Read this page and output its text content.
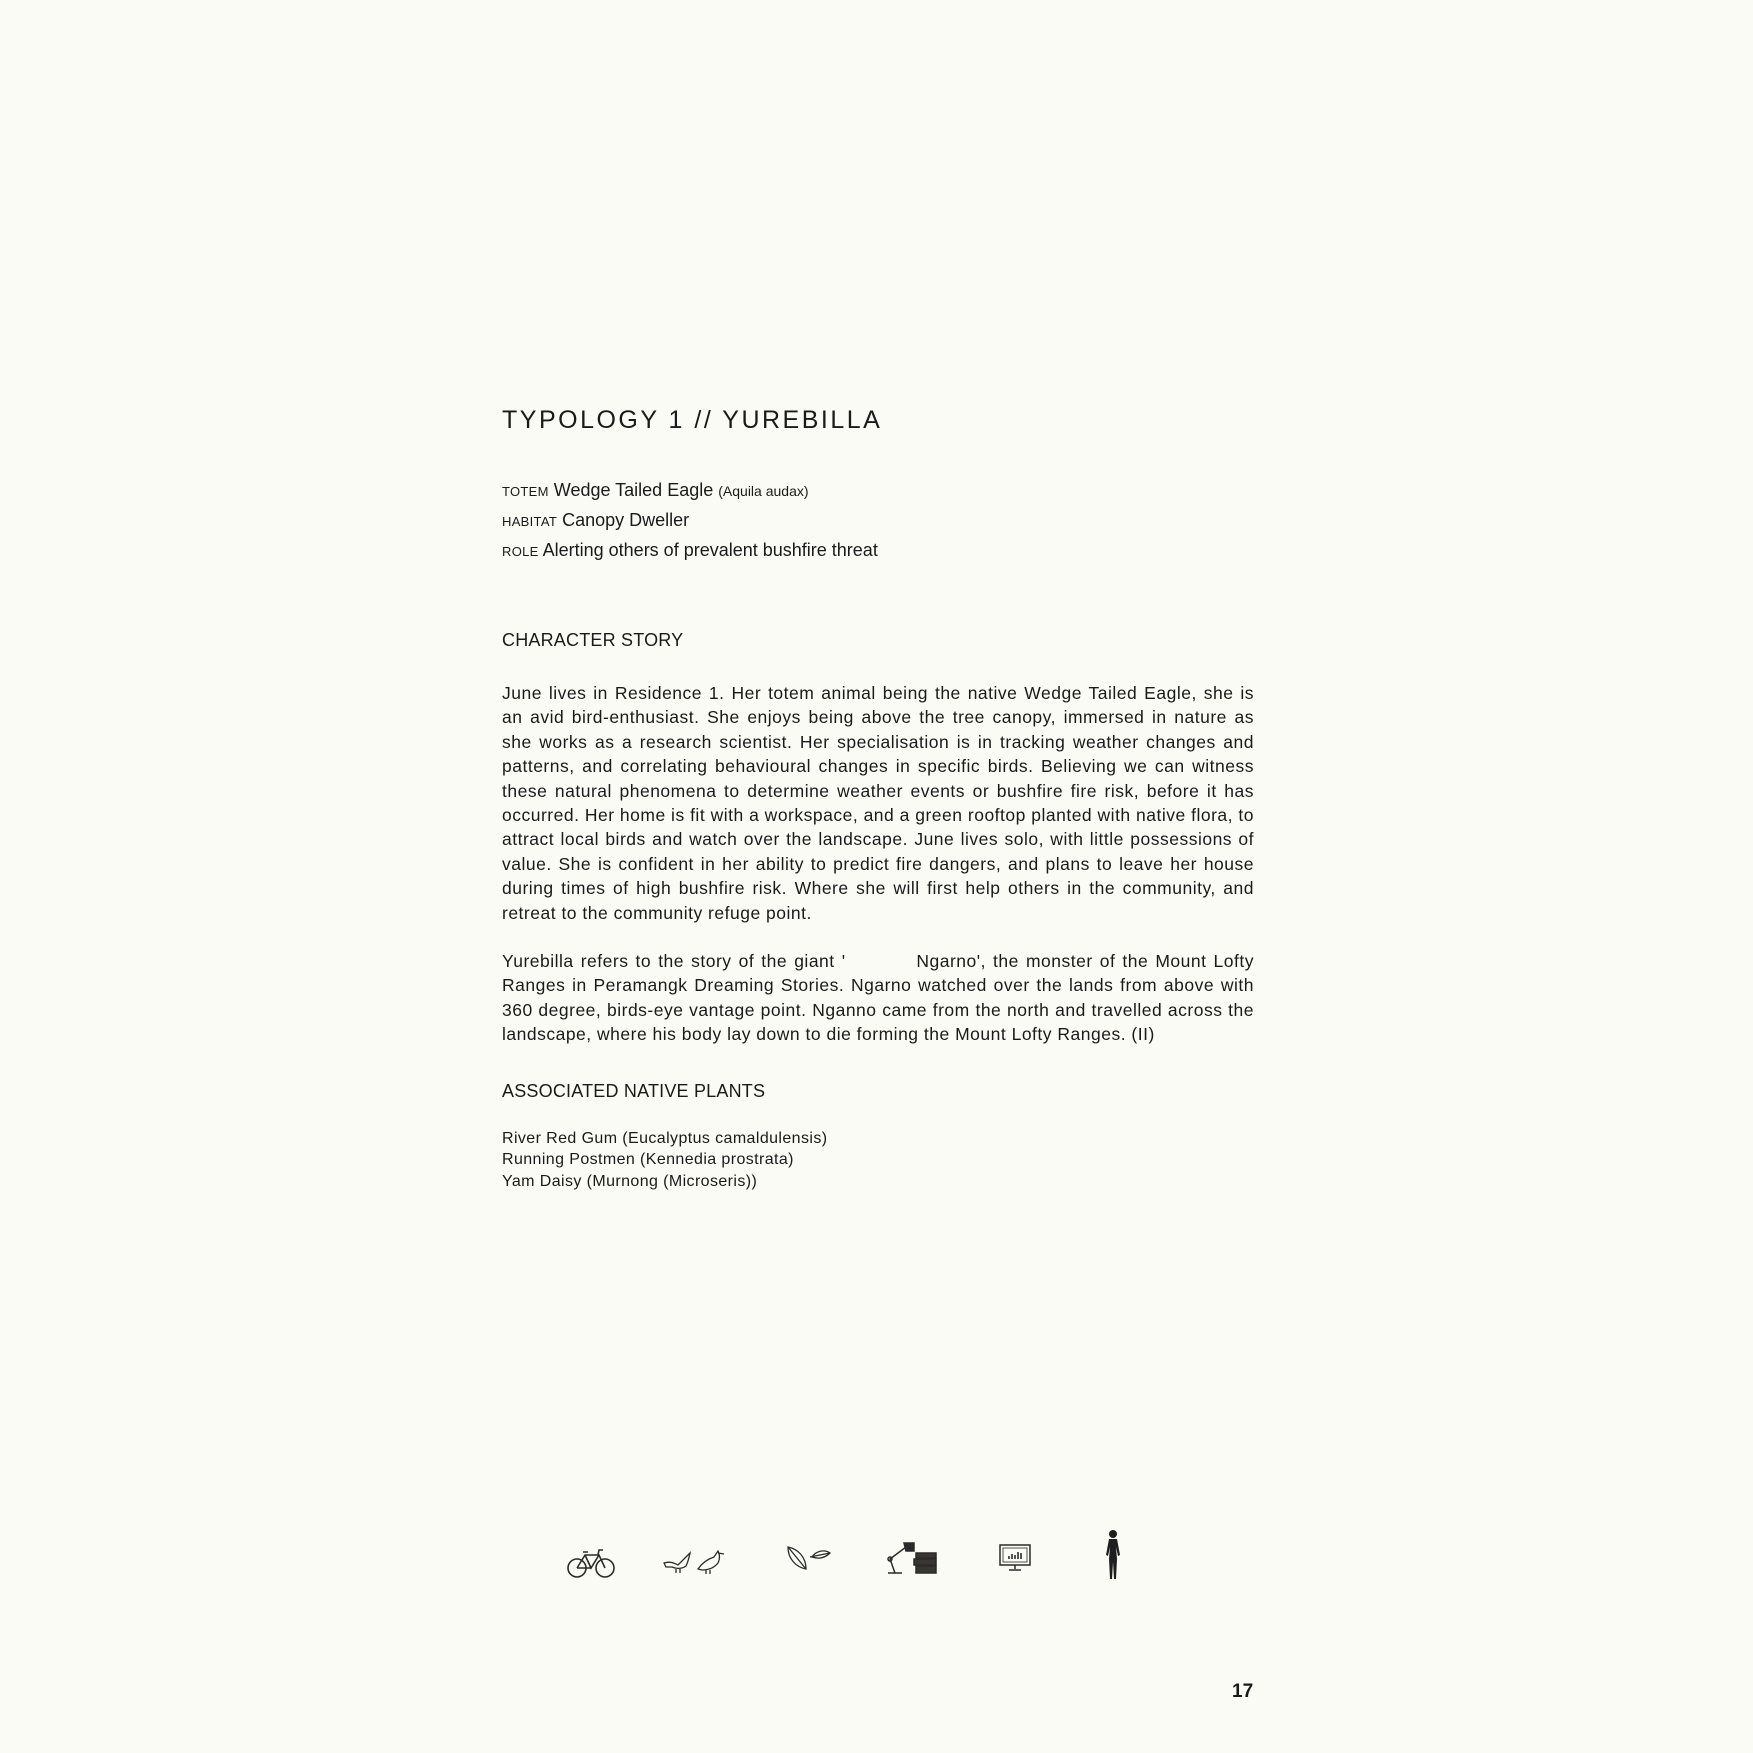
TYPOLOGY 1 // YUREBILLA
TOTEM Wedge Tailed Eagle (Aquila audax)
HABITAT Canopy Dweller
ROLE Alerting others of prevalent bushfire threat
CHARACTER STORY

June lives in Residence 1. Her totem animal being the native Wedge Tailed Eagle, she is an avid bird-enthusiast. She enjoys being above the tree canopy, immersed in nature as she works as a research scientist. Her specialisation is in tracking weather changes and patterns, and correlating behavioural changes in specific birds. Believing we can witness these natural phenomena to determine weather events or bushfire fire risk, before it has occurred. Her home is fit with a workspace, and a green rooftop planted with native flora, to attract local birds and watch over the landscape. June lives solo, with little possessions of value. She is confident in her ability to predict fire dangers, and plans to leave her house during times of high bushfire risk. Where she will first help others in the community, and retreat to the community refuge point.

Yurebilla refers to the story of the giant '          Ngarno', the monster of the Mount Lofty Ranges in Peramangk Dreaming Stories. Ngarno watched over the lands from above with 360 degree, birds-eye vantage point. Nganno came from the north and travelled across the landscape, where his body lay down to die forming the Mount Lofty Ranges. (II)

ASSOCIATED NATIVE PLANTS
River Red Gum (Eucalyptus camaldulensis)
Running Postmen (Kennedia prostrata)
Yam Daisy (Murnong (Microseris))
17
